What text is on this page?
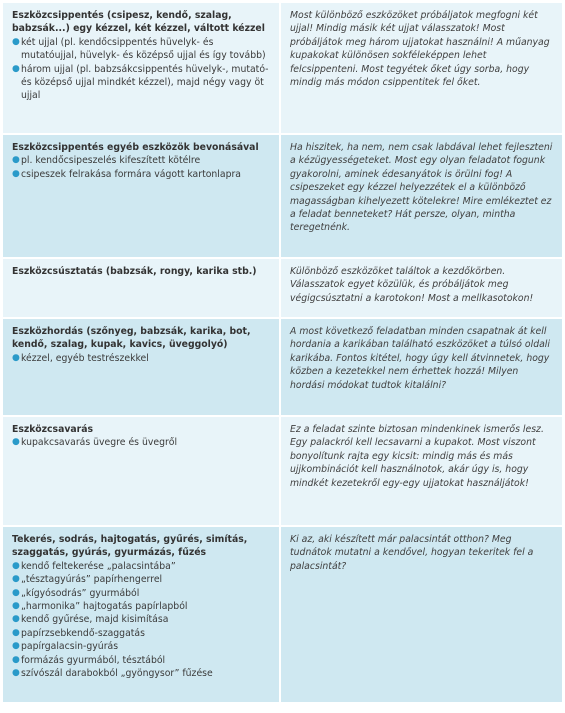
Eszközcsippentés (csipesz, kendő, szalag, babzsák...) egy kézzel, két kézzel, váltott kézzel
● két ujjal (pl. kendőcsippentés hüvelyk- és mutatóujjal, hüvelyk- és középső ujjal és így tovább)
● három ujjal (pl. babzsákcsippentés hüvelyk-, mutató- és középső ujjal mindkét kézzel), majd négy vagy öt ujjal
Most különböző eszközöket próbáljatok megfogni két ujjal! Mindig másik két ujjat válasszatok! Most próbáljátok meg három ujjatokat használni! A műanyag kupakokat különösen sokféleképpen lehet felcsippenteni. Most tegyétek őket úgy sorba, hogy mindig más módon csippentitek fel őket.
Eszközcsippentés egyéb eszközök bevonásával
● pl. kendőcsipeszelés kifeszített kötélre
● csipeszek felrakása formára vágott kartonlapra
Ha hiszitek, ha nem, nem csak labdával lehet fejleszteni a kézügyességeteket. Most egy olyan feladatot fogunk gyakorolni, aminek édesanyátok is örülni fog! A csipeszeket egy kézzel helyezzétek el a különböző magasságban kihelyezett kötelekre! Mire emlékeztet ez a feladat benneteket? Hát persze, olyan, mintha teregetnénk.
Eszközcsúsztatás (babzsák, rongy, karika stb.)	Különböző eszközöket találtok a kezdőkörben. Válasszatok egyet közülük, és próbáljátok meg végigcsúsztatni a karotokon! Most a mellkasotokon!
Eszközhordás (szőnyeg, babzsák, karika, bot, kendő, szalag, kupak, kavics, üveggolyó)
● kézzel, egyéb testrészekkel
A most következő feladatban minden csapatnak át kell hordania a karikában található eszközöket a túlsó oldali karikába. Fontos kitétel, hogy úgy kell átvinnetek, hogy közben a kezetekkel nem érhettek hozzá! Milyen hordási módokat tudtok kitalálni?
Eszközcsavarás
● kupakcsavarás üvegre és üvegről
Ez a feladat szinte biztosan mindenkinek ismerős lesz. Egy palackról kell lecsavarni a kupakot. Most viszont bonyolítunk rajta egy kicsit: mindig más és más ujjkombinációt kell használnotok, akár úgy is, hogy mindkét kezetekről egy-egy ujjatokat használjátok!
Tekerés, sodrás, hajtogatás, gyűrés, simítás, szaggatás, gyúrás, gyurmázás, fűzés
● kendő feltekerése „palacsintába”
● „tésztagyúrás” papírhengerrel
● „kígyósodrás” gyurmából
● „harmonika” hajtogatás papírlapból
● kendő gyűrése, majd kisimítása
● papírzsebkendő-szaggatás
● papírgalacsin-gyúrás
● formázás gyurmából, tésztából
● szívószál darabokból „gyöngysor” fűzése
Ki az, aki készített már palacsintát otthon? Meg tudnátok mutatni a kendővel, hogyan tekeritek fel a palacsintát?
